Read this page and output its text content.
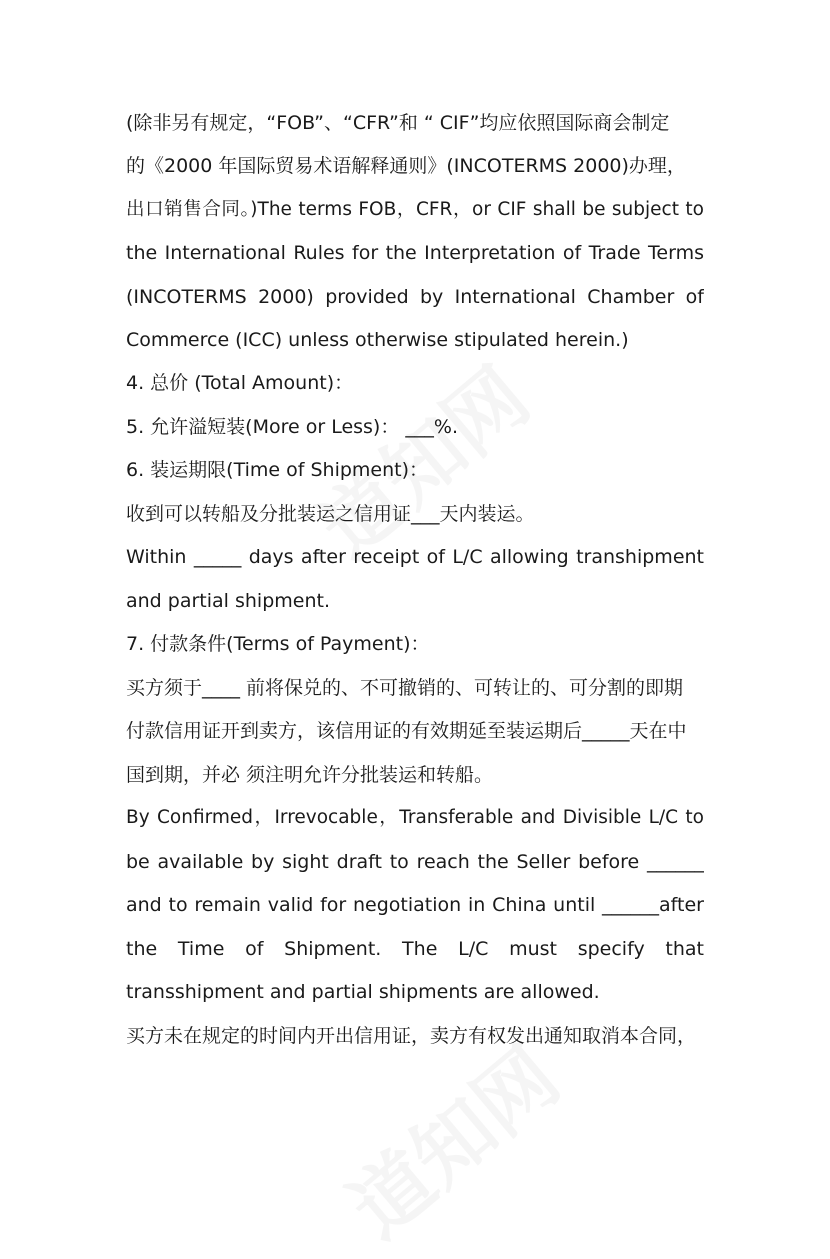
(除非另有规定，“FOB”、“CFR”和 “ CIF”均应依照国际商会制定
的《2000 年国际贸易术语解释通则》(INCOTERMS 2000)办理，
出口销售合同。)The terms FOB，CFR，or CIF shall be subject to
the International Rules for the Interpretation of Trade Terms
(INCOTERMS 2000) provided by International Chamber of
Commerce (ICC) unless otherwise stipulated herein.)
4. 总价 (Total Amount)：
5. 允许溢短装(More or Less)： ___%.
6. 装运期限(Time of Shipment)：
收到可以转船及分批装运之信用证___天内装运。
Within _____ days after receipt of L/C allowing transhipment
and partial shipment.
7. 付款条件(Terms of Payment)：
买方须于____ 前将保兑的、不可撤销的、可转让的、可分割的即期
付款信用证开到卖方，该信用证的有效期延至装运期后_____天在中
国到期，并必 须注明允许分批装运和转船。
By Confirmed，Irrevocable，Transferable and Divisible L/C to
be available by sight draft to reach the Seller before ______
and to remain valid for negotiation in China until ______after
the Time of Shipment. The L/C must specify that
transshipment and partial shipments are allowed.
买方未在规定的时间内开出信用证，卖方有权发出通知取消本合同，
